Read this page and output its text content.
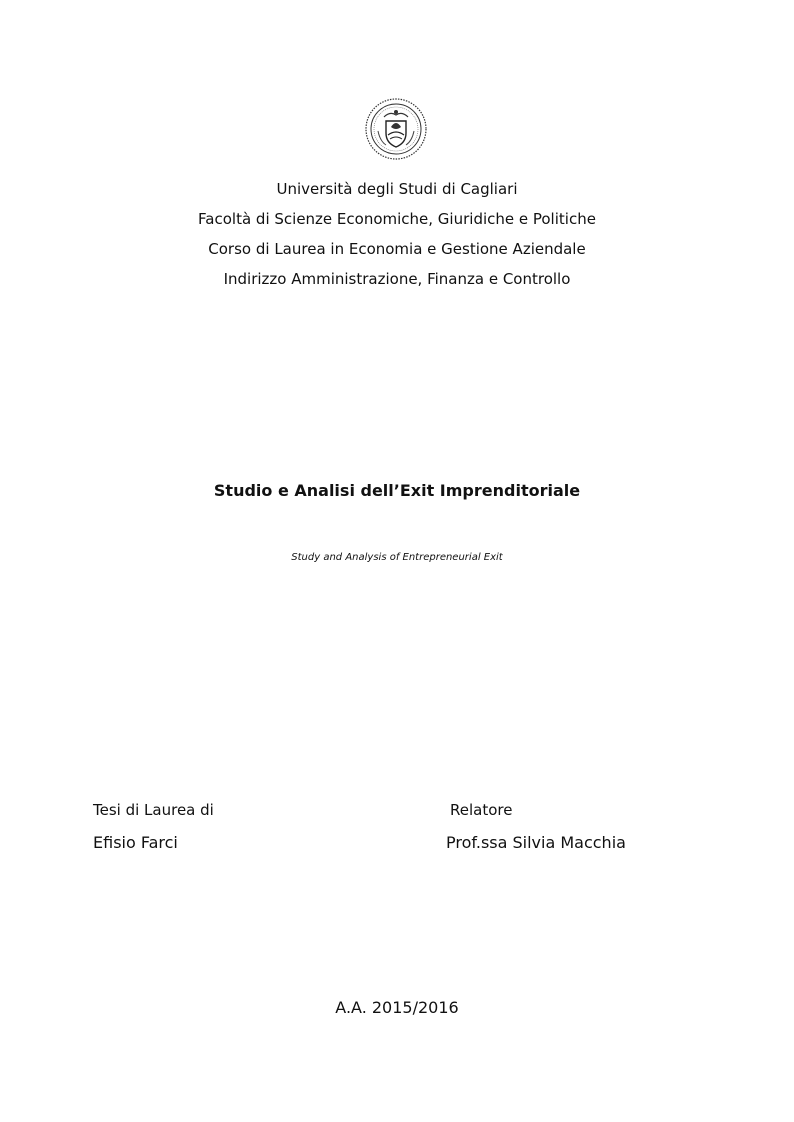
Università degli Studi di Cagliari
Facoltà di Scienze Economiche, Giuridiche e Politiche
Corso di Laurea in Economia e Gestione Aziendale
Indirizzo Amministrazione, Finanza e Controllo
Studio e Analisi dell’Exit Imprenditoriale
Study and Analysis of Entrepreneurial Exit
Tesi di Laurea di	Relatore
Efisio Farci	Prof.ssa Silvia Macchia
A.A. 2015/2016
